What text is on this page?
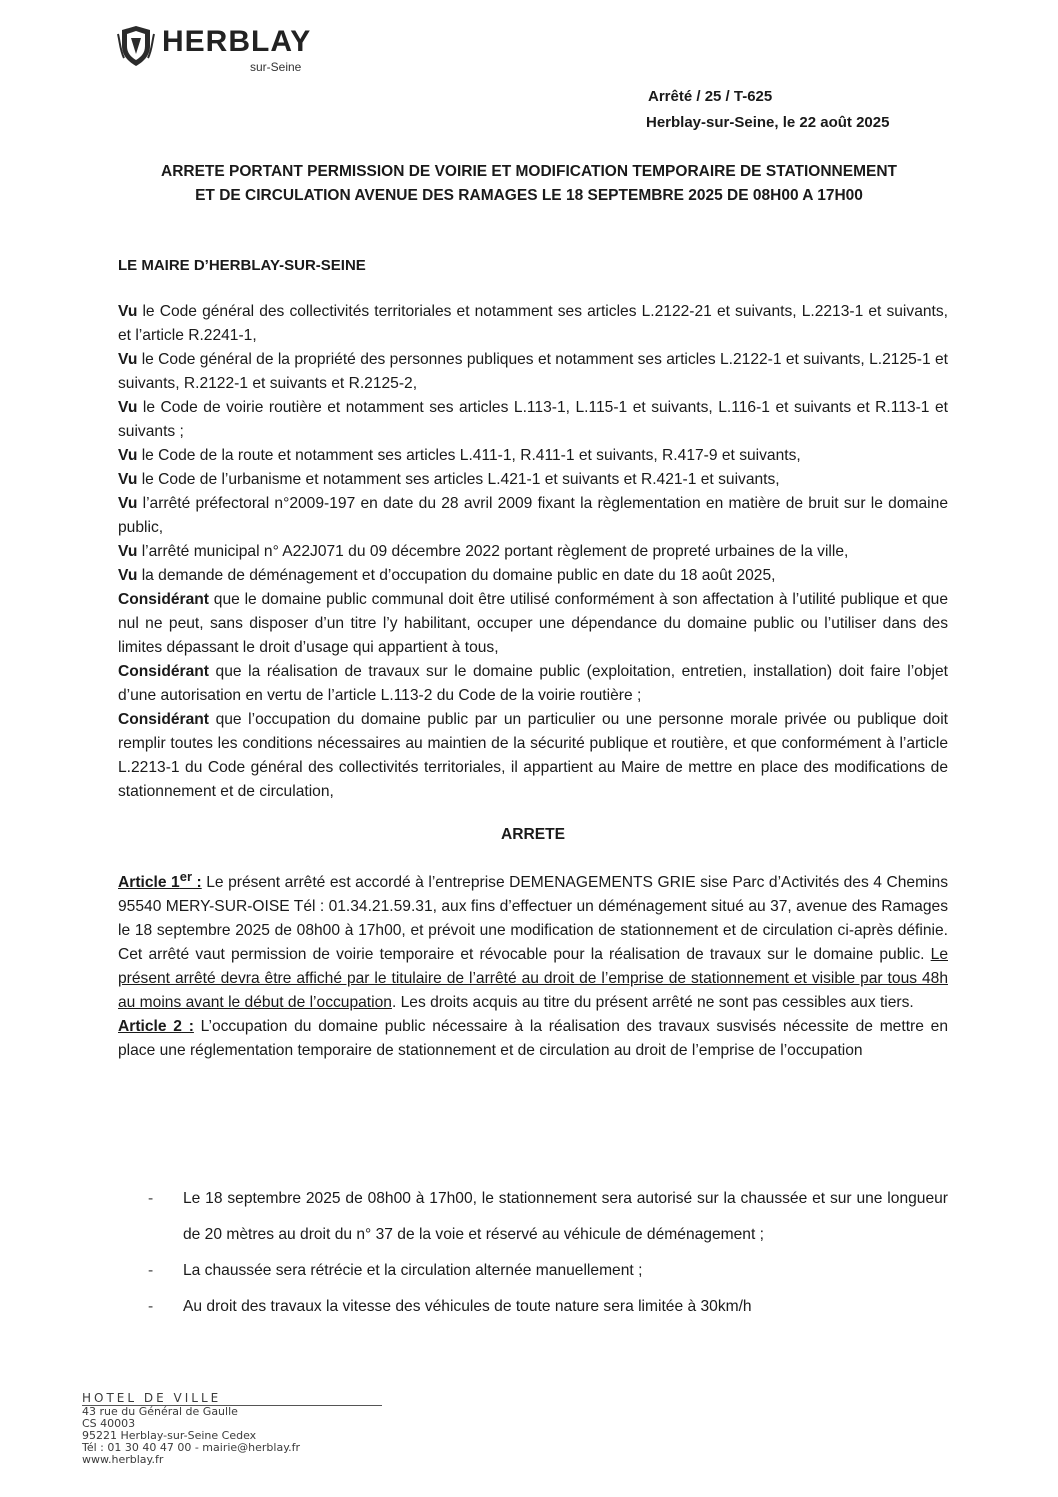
HERBLAY
sur-Seine
Arrêté / 25 / T-625
Herblay-sur-Seine, le 22 août 2025
ARRETE PORTANT PERMISSION DE VOIRIE ET MODIFICATION TEMPORAIRE DE STATIONNEMENT
ET DE CIRCULATION AVENUE DES RAMAGES LE 18 SEPTEMBRE 2025 DE 08H00 A 17H00
LE MAIRE D’HERBLAY-SUR-SEINE

Vu le Code général des collectivités territoriales et notamment ses articles L.2122-21 et suivants, L.2213-1 et suivants, et l’article R.2241-1,

Vu le Code général de la propriété des personnes publiques et notamment ses articles L.2122-1 et suivants, L.2125-1 et suivants, R.2122-1 et suivants et R.2125-2,

Vu le Code de voirie routière et notamment ses articles L.113-1, L.115-1 et suivants, L.116-1 et suivants et R.113-1 et suivants ;

Vu le Code de la route et notamment ses articles L.411-1, R.411-1 et suivants, R.417-9 et suivants,

Vu le Code de l’urbanisme et notamment ses articles L.421-1 et suivants et R.421-1 et suivants,

Vu l’arrêté préfectoral n°2009-197 en date du 28 avril 2009 fixant la règlementation en matière de bruit sur le domaine public,

Vu l’arrêté municipal n° A22J071 du 09 décembre 2022 portant règlement de propreté urbaines de la ville,

Vu la demande de déménagement et d’occupation du domaine public en date du 18 août 2025,

Considérant que le domaine public communal doit être utilisé conformément à son affectation à l’utilité publique et que nul ne peut, sans disposer d’un titre l’y habilitant, occuper une dépendance du domaine public ou l’utiliser dans des limites dépassant le droit d’usage qui appartient à tous,

Considérant que la réalisation de travaux sur le domaine public (exploitation, entretien, installation) doit faire l’objet d’une autorisation en vertu de l’article L.113-2 du Code de la voirie routière ;

Considérant que l’occupation du domaine public par un particulier ou une personne morale privée ou publique doit remplir toutes les conditions nécessaires au maintien de la sécurité publique et routière, et que conformément à l’article L.2213-1 du Code général des collectivités territoriales, il appartient au Maire de mettre en place des modifications de stationnement et de circulation,

ARRETE

Article 1er : Le présent arrêté est accordé à l’entreprise DEMENAGEMENTS GRIE sise Parc d’Activités des 4 Chemins 95540 MERY-SUR-OISE Tél : 01.34.21.59.31, aux fins d’effectuer un déménagement situé au 37, avenue des Ramages le 18 septembre 2025 de 08h00 à 17h00, et prévoit une modification de stationnement et de circulation ci-après définie. Cet arrêté vaut permission de voirie temporaire et révocable pour la réalisation de travaux sur le domaine public. Le présent arrêté devra être affiché par le titulaire de l’arrêté au droit de l’emprise de stationnement et visible par tous 48h au moins avant le début de l’occupation. Les droits acquis au titre du présent arrêté ne sont pas cessibles aux tiers.

Article 2 : L’occupation du domaine public nécessaire à la réalisation des travaux susvisés nécessite de mettre en place une réglementation temporaire de stationnement et de circulation au droit de l’emprise de l’occupation

- Le 18 septembre 2025 de 08h00 à 17h00, le stationnement sera autorisé sur la chaussée et sur une longueur de 20 mètres au droit du n° 37 de la voie et réservé au véhicule de déménagement ;
- La chaussée sera rétrécie et la circulation alternée manuellement ;
- Au droit des travaux la vitesse des véhicules de toute nature sera limitée à 30km/h
HOTEL DE VILLE
43 rue du Général de Gaulle
CS 40003
95221 Herblay-sur-Seine Cedex
Tél : 01 30 40 47 00 - mairie@herblay.fr
www.herblay.fr
